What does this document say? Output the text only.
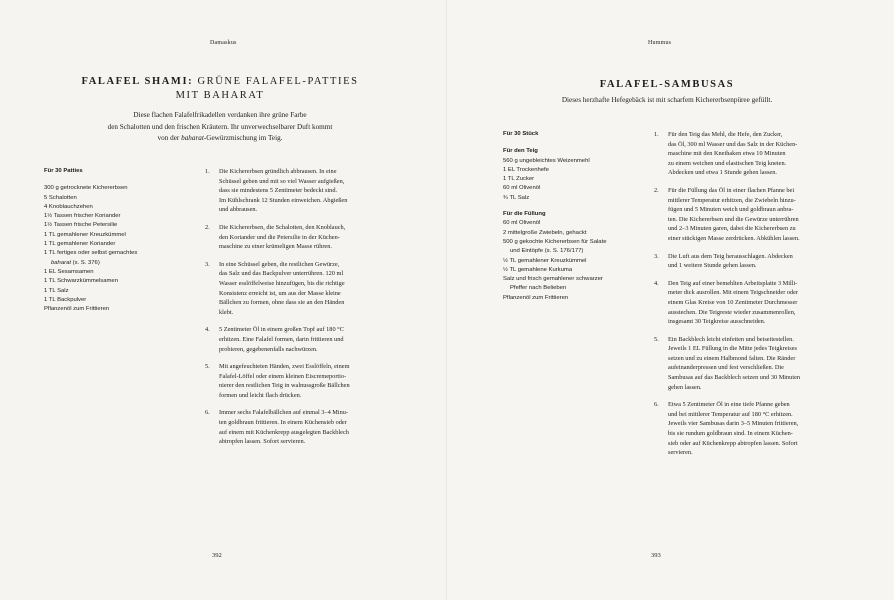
Damaskus
FALAFEL SHAMI: GRÜNE FALAFEL-PATTIES
MIT BAHARAT
Diese flachen Falafelfrikadellen verdanken ihre grüne Farbe
den Schalotten und den frischen Kräutern. Ihr unverwechselbarer Duft kommt
von der baharat-Gewürzmischung im Teig.
Für 30 Patties
300 g getrocknete Kichererbsen
5 Schalotten
4 Knoblauchzehen
1½ Tassen frischer Koriander
1½ Tassen frische Petersilie
1 TL gemahlener Kreuzkümmel
1 TL gemahlener Koriander
1 TL fertiges oder selbst gemachtes
baharat (s. S. 376)
1 EL Sesamsamen
1 TL Schwarzkümmelsamen
1 TL Salz
1 TL Backpulver
Pflanzenöl zum Frittieren
1. Die Kichererbsen gründlich abbrausen. In eine
Schüssel geben und mit so viel Wasser aufgießen,
dass sie mindestens 5 Zentimeter bedeckt sind.
Im Kühlschrank 12 Stunden einweichen. Abgießen
und abbrausen.
2. Die Kichererbsen, die Schalotten, den Knoblauch,
den Koriander und die Petersilie in der Küchen-
maschine zu einer krümeligen Masse rühren.
3. In eine Schüssel geben, die restlichen Gewürze,
das Salz und das Backpulver unterrühren. 120 ml
Wasser esslöffelweise hinzufügen, bis die richtige
Konsistenz erreicht ist, um aus der Masse kleine
Bällchen zu formen, ohne dass sie an den Händen
klebt.
4. 5 Zentimeter Öl in einem großen Topf auf 180 °C
erhitzen. Eine Falafel formen, darin frittieren und
probieren, gegebenenfalls nachwürzen.
5. Mit angefeuchteten Händen, zwei Esslöffeln, einem
Falafel-Löffel oder einem kleinen Eiscremeportio-
nierer den restlichen Teig in walnussgroße Bällchen
formen und leicht flach drücken.
6. Immer sechs Falafelbällchen auf einmal 3–4 Minu-
ten goldbraun frittieren. In einem Küchensieb oder
auf einem mit Küchenkrepp ausgelegten Backblech
abtropfen lassen. Sofort servieren.
392
Hummus
FALAFEL-SAMBUSAS
Dieses herzhafte Hefegebäck ist mit scharfem Kichererbsenpüree gefüllt.
Für 30 Stück
Für den Teig
560 g ungebleichtes Weizenmehl
1 EL Trockenhefe
1 TL Zucker
60 ml Olivenöl
¾ TL Salz
Für die Füllung
60 ml Olivenöl
2 mittelgroße Zwiebeln, gehackt
500 g gekochte Kichererbsen für Salate
und Eintöpfe (s. S. 176/177)
½ TL gemahlener Kreuzkümmel
½ TL gemahlene Kurkuma
Salz und frisch gemahlener schwarzer
Pfeffer nach Belieben
Pflanzenöl zum Frittieren
1. Für den Teig das Mehl, die Hefe, den Zucker,
das Öl, 300 ml Wasser und das Salz in der Küchen-
maschine mit den Knethaken etwa 10 Minuten
zu einem weichen und elastischen Teig kneten.
Abdecken und etwa 1 Stunde gehen lassen.
2. Für die Füllung das Öl in einer flachen Pfanne bei
mittlerer Temperatur erhitzen, die Zwiebeln hinzu-
fügen und 5 Minuten weich und goldbraun anbra-
ten. Die Kichererbsen und die Gewürze unterrühren
und 2–3 Minuten garen, dabei die Kichererbsen zu
einer stückigen Masse zerdrücken. Abkühlen lassen.
3. Die Luft aus dem Teig herausschlagen. Abdecken
und 1 weitere Stunde gehen lassen.
4. Den Teig auf einer bemehlten Arbeitsplatte 3 Milli-
meter dick ausrollen. Mit einem Teigschneider oder
einem Glas Kreise von 10 Zentimeter Durchmesser
ausstechen. Die Teigreste wieder zusammenrollen,
insgesamt 30 Teigkreise ausschneiden.
5. Ein Backblech leicht einfetten und beiseitestellen.
Jeweils 1 EL Füllung in die Mitte jedes Teigkreises
setzen und zu einem Halbmond falten. Die Ränder
aufeinanderpressen und fest verschließen. Die
Sambusas auf das Backblech setzen und 30 Minuten
gehen lassen.
6. Etwa 5 Zentimeter Öl in eine tiefe Pfanne geben
und bei mittlerer Temperatur auf 180 °C erhitzen.
Jeweils vier Sambusas darin 3–5 Minuten frittieren,
bis sie rundum goldbraun sind. In einem Küchen-
sieb oder auf Küchenkrepp abtropfen lassen. Sofort
servieren.
393
